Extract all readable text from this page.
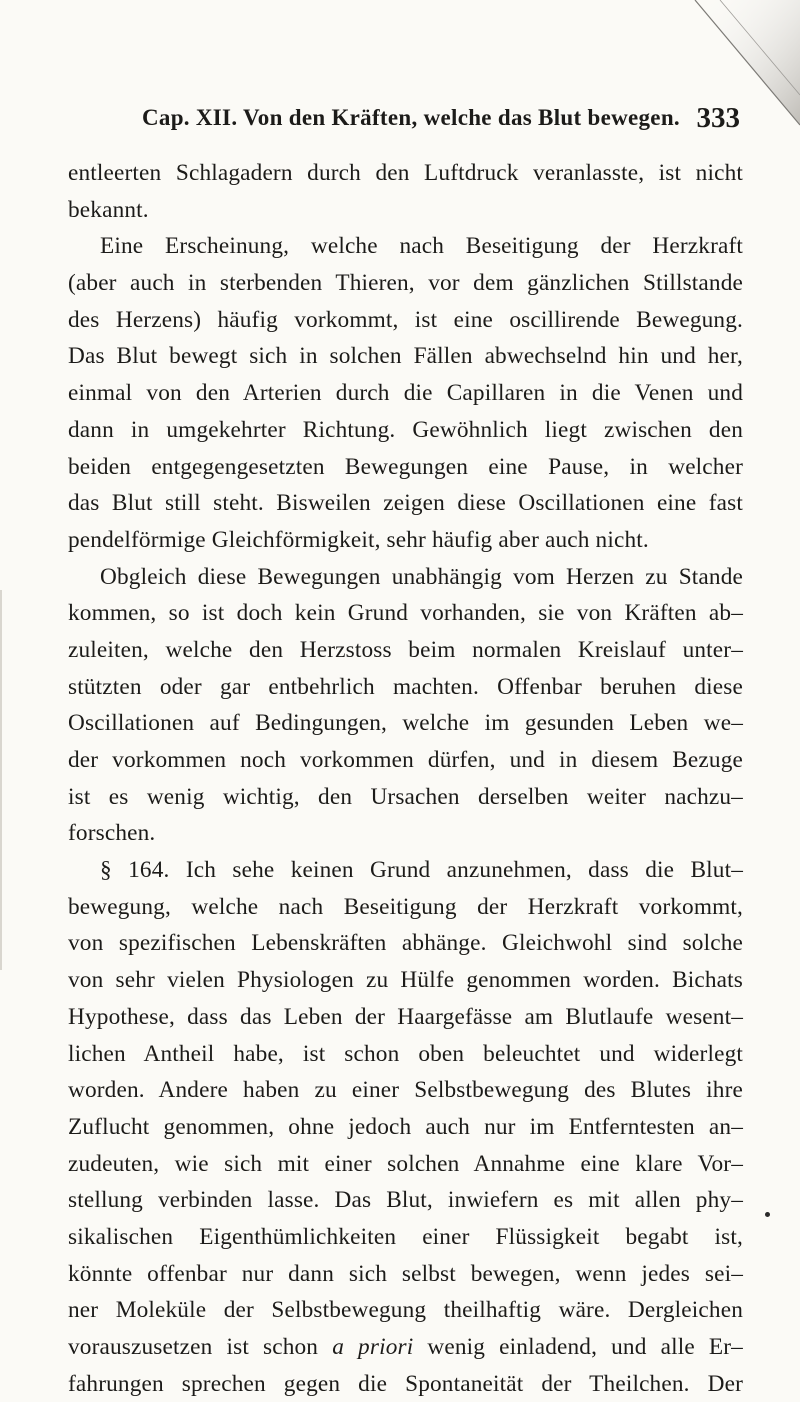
Cap. XII. Von den Kräften, welche das Blut bewegen. 333
entleerten Schlagadern durch den Luftdruck veranlasste, ist nicht
bekannt.
Eine Erscheinung, welche nach Beseitigung der Herzkraft
(aber auch in sterbenden Thieren, vor dem gänzlichen Stillstande
des Herzens) häufig vorkommt, ist eine oscillirende Bewegung.
Das Blut bewegt sich in solchen Fällen abwechselnd hin und her,
einmal von den Arterien durch die Capillaren in die Venen und
dann in umgekehrter Richtung. Gewöhnlich liegt zwischen den
beiden entgegengesetzten Bewegungen eine Pause, in welcher
das Blut still steht. Bisweilen zeigen diese Oscillationen eine fast
pendelförmige Gleichförmigkeit, sehr häufig aber auch nicht.
Obgleich diese Bewegungen unabhängig vom Herzen zu Stande
kommen, so ist doch kein Grund vorhanden, sie von Kräften ab–
zuleiten, welche den Herzstoss beim normalen Kreislauf unter–
stützten oder gar entbehrlich machten. Offenbar beruhen diese
Oscillationen auf Bedingungen, welche im gesunden Leben we–
der vorkommen noch vorkommen dürfen, und in diesem Bezuge
ist es wenig wichtig, den Ursachen derselben weiter nachzu–
forschen.
§ 164. Ich sehe keinen Grund anzunehmen, dass die Blut–
bewegung, welche nach Beseitigung der Herzkraft vorkommt,
von spezifischen Lebenskräften abhänge. Gleichwohl sind solche
von sehr vielen Physiologen zu Hülfe genommen worden. Bichats
Hypothese, dass das Leben der Haargefässe am Blutlaufe wesent–
lichen Antheil habe, ist schon oben beleuchtet und widerlegt
worden. Andere haben zu einer Selbstbewegung des Blutes ihre
Zuflucht genommen, ohne jedoch auch nur im Entferntesten an–
zudeuten, wie sich mit einer solchen Annahme eine klare Vor–
stellung verbinden lasse. Das Blut, inwiefern es mit allen phy–
sikalischen Eigenthümlichkeiten einer Flüssigkeit begabt ist,
könnte offenbar nur dann sich selbst bewegen, wenn jedes sei–
ner Moleküle der Selbstbewegung theilhaftig wäre. Dergleichen
vorauszusetzen ist schon a priori wenig einladend, und alle Er–
fahrungen sprechen gegen die Spontaneität der Theilchen. Der
